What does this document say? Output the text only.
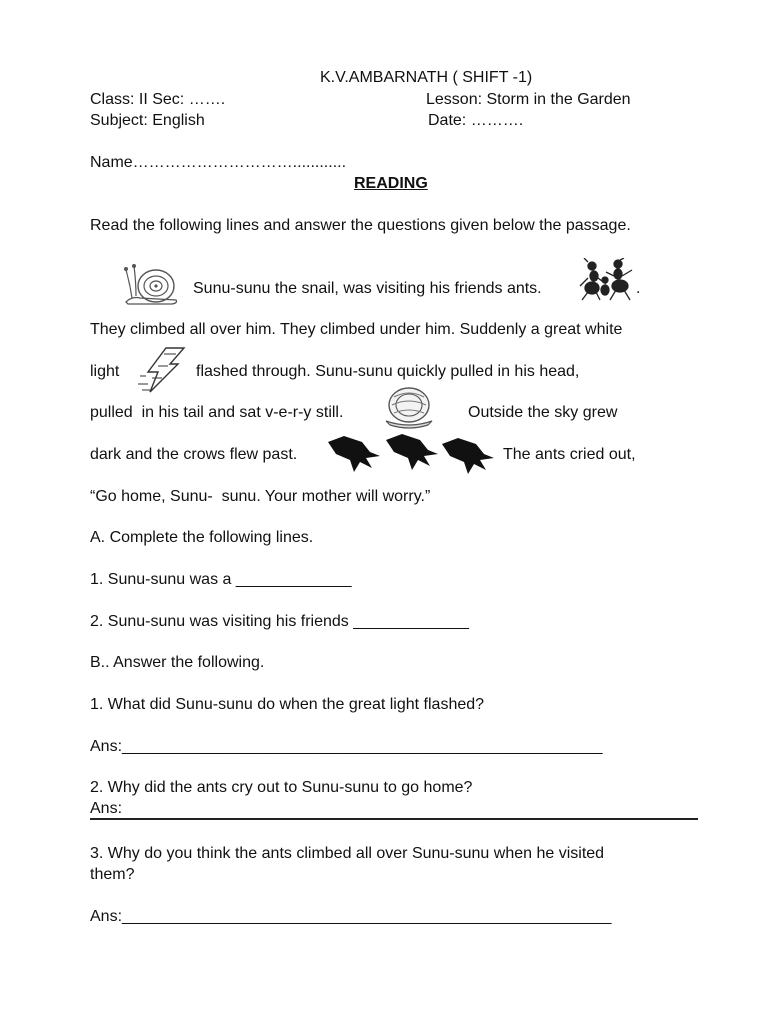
K.V.AMBARNATH ( SHIFT -1)
Class: II Sec: …….	Lesson: Storm in the Garden
Subject: English	Date: ……….
Name…………………………............
READING
Read the following lines and answer the questions given below the passage.
Sunu-sunu the snail, was visiting his friends ants.	.
They climbed all over him. They climbed under him. Suddenly a great white
light	flashed through. Sunu-sunu quickly pulled in his head,
pulled  in his tail and sat v-e-r-y still.	Outside the sky grew
dark and the crows flew past.	The ants cried out,
“Go home, Sunu-  sunu. Your mother will worry.”
A. Complete the following lines.
1. Sunu-sunu was a _____________
2. Sunu-sunu was visiting his friends _____________
B.. Answer the following.
1. What did Sunu-sunu do when the great light flashed?
Ans:______________________________________________________
2. Why did the ants cry out to Sunu-sunu to go home?
Ans:
3. Why do you think the ants climbed all over Sunu-sunu when he visited
them?
Ans:_______________________________________________________
